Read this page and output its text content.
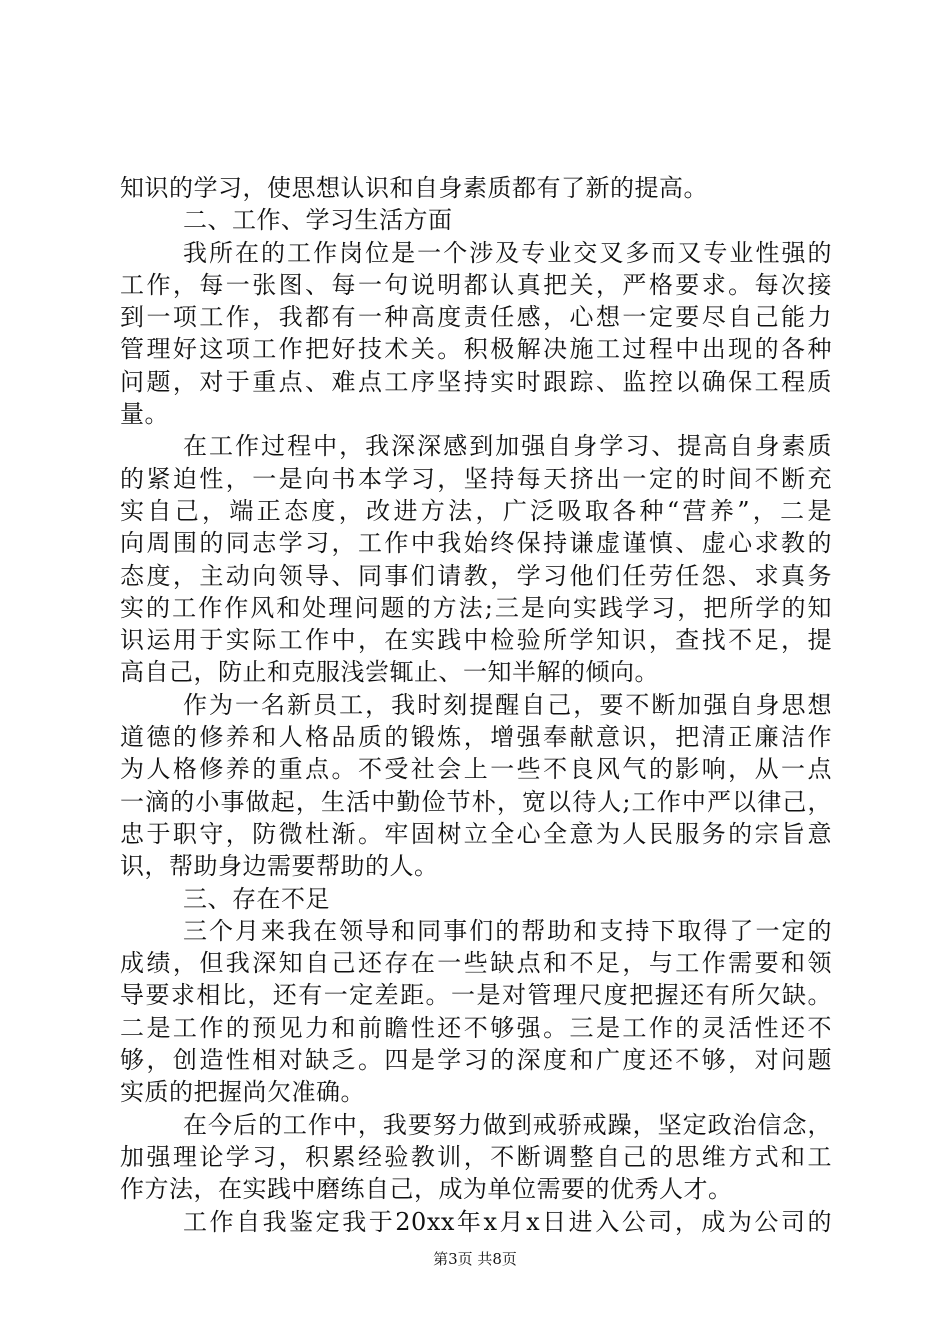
知识的学习，使思想认识和自身素质都有了新的提高。
二、工作、学习生活方面
我所在的工作岗位是一个涉及专业交叉多而又专业性强的
工作，每一张图、每一句说明都认真把关，严格要求。每次接
到一项工作，我都有一种高度责任感，心想一定要尽自己能力
管理好这项工作把好技术关。积极解决施工过程中出现的各种
问题，对于重点、难点工序坚持实时跟踪、监控以确保工程质
量。
在工作过程中，我深深感到加强自身学习、提高自身素质
的紧迫性，一是向书本学习，坚持每天挤出一定的时间不断充
实自己，端正态度，改进方法，广泛吸取各种“营养”，二是
向周围的同志学习，工作中我始终保持谦虚谨慎、虚心求教的
态度，主动向领导、同事们请教，学习他们任劳任怨、求真务
实的工作作风和处理问题的方法;三是向实践学习，把所学的知
识运用于实际工作中，在实践中检验所学知识，查找不足，提
高自己，防止和克服浅尝辄止、一知半解的倾向。
作为一名新员工，我时刻提醒自己，要不断加强自身思想
道德的修养和人格品质的锻炼，增强奉献意识，把清正廉洁作
为人格修养的重点。不受社会上一些不良风气的影响，从一点
一滴的小事做起，生活中勤俭节朴，宽以待人;工作中严以律己，
忠于职守，防微杜渐。牢固树立全心全意为人民服务的宗旨意
识，帮助身边需要帮助的人。
三、存在不足
三个月来我在领导和同事们的帮助和支持下取得了一定的
成绩，但我深知自己还存在一些缺点和不足，与工作需要和领
导要求相比，还有一定差距。一是对管理尺度把握还有所欠缺。
二是工作的预见力和前瞻性还不够强。三是工作的灵活性还不
够，创造性相对缺乏。四是学习的深度和广度还不够，对问题
实质的把握尚欠准确。
在今后的工作中，我要努力做到戒骄戒躁，坚定政治信念，
加强理论学习，积累经验教训，不断调整自己的思维方式和工
作方法，在实践中磨练自己，成为单位需要的优秀人才。
工作自我鉴定我于20xx年x月x日进入公司，成为公司的
第3页 共8页
